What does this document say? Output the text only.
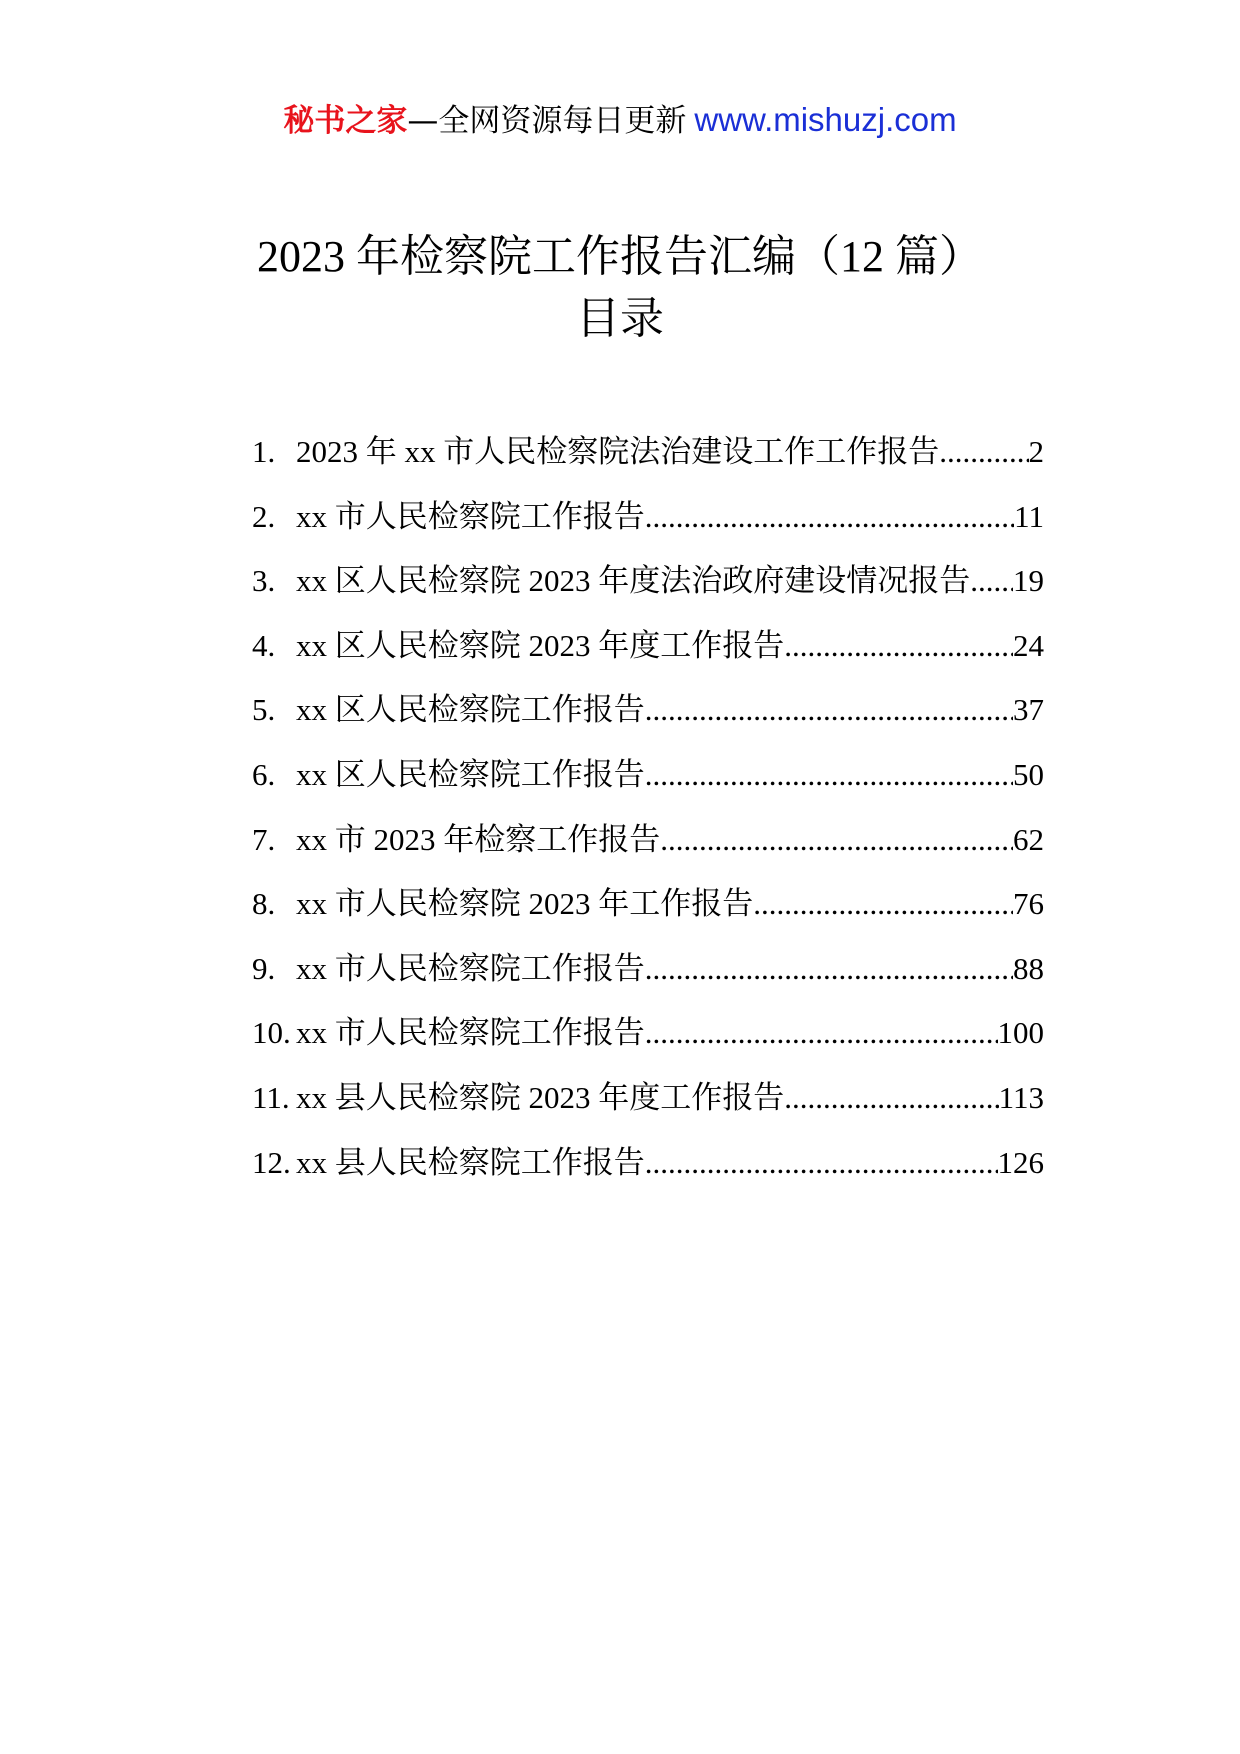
秘书之家—全网资源每日更新 www.mishuzj.com
2023 年检察院工作报告汇编（12 篇）
目录
1. 2023 年 xx 市人民检察院法治建设工作工作报告 .....	2
2. xx 市人民检察院工作报告 .....	11
3. xx 区人民检察院 2023 年度法治政府建设情况报告 ..... 19
4. xx 区人民检察院 2023 年度工作报告 .....	24
5. xx 区人民检察院工作报告 .....	37
6. xx 区人民检察院工作报告 .....	50
7. xx 市 2023 年检察工作报告 .....	62
8. xx 市人民检察院 2023 年工作报告 .....	76
9. xx 市人民检察院工作报告 .....	88
10. xx 市人民检察院工作报告 .....	100
11. xx 县人民检察院 2023 年度工作报告 .....	113
12. xx 县人民检察院工作报告 .....	126
